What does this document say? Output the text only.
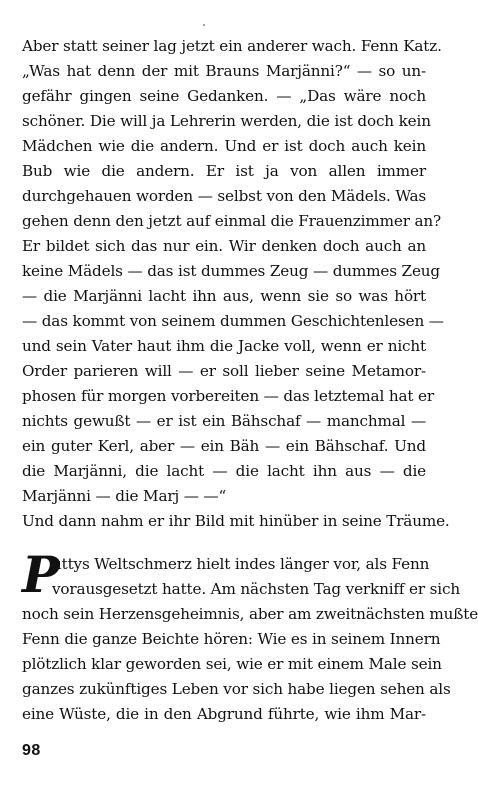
Aber statt seiner lag jetzt ein anderer wach. Fenn Katz.
„Was hat denn der mit Brauns Marjänni?“ — so un-
gefähr gingen seine Gedanken. — „Das wäre noch
schöner. Die will ja Lehrerin werden, die ist doch kein
Mädchen wie die andern. Und er ist doch auch kein
Bub wie die andern. Er ist ja von allen immer
durchgehauen worden — selbst von den Mädels. Was
gehen denn den jetzt auf einmal die Frauenzimmer an?
Er bildet sich das nur ein. Wir denken doch auch an
keine Mädels — das ist dummes Zeug — dummes Zeug
— die Marjänni lacht ihn aus, wenn sie so was hört
— das kommt von seinem dummen Geschichtenlesen —
und sein Vater haut ihm die Jacke voll, wenn er nicht
Order parieren will — er soll lieber seine Metamor-
phosen für morgen vorbereiten — das letztemal hat er
nichts gewußt — er ist ein Bähschaf — manchmal —
ein guter Kerl, aber — ein Bäh — ein Bähschaf. Und
die Marjänni, die lacht — die lacht ihn aus — die
Marjänni — die Marj — —“
Und dann nahm er ihr Bild mit hinüber in seine Träume.
P
uttys Weltschmerz hielt indes länger vor, als Fenn
vorausgesetzt hatte. Am nächsten Tag verkniff er sich
noch sein Herzensgeheimnis, aber am zweitnächsten mußte
Fenn die ganze Beichte hören: Wie es in seinem Innern
plötzlich klar geworden sei, wie er mit einem Male sein
ganzes zukünftiges Leben vor sich habe liegen sehen als
eine Wüste, die in den Abgrund führte, wie ihm Mar-
98
